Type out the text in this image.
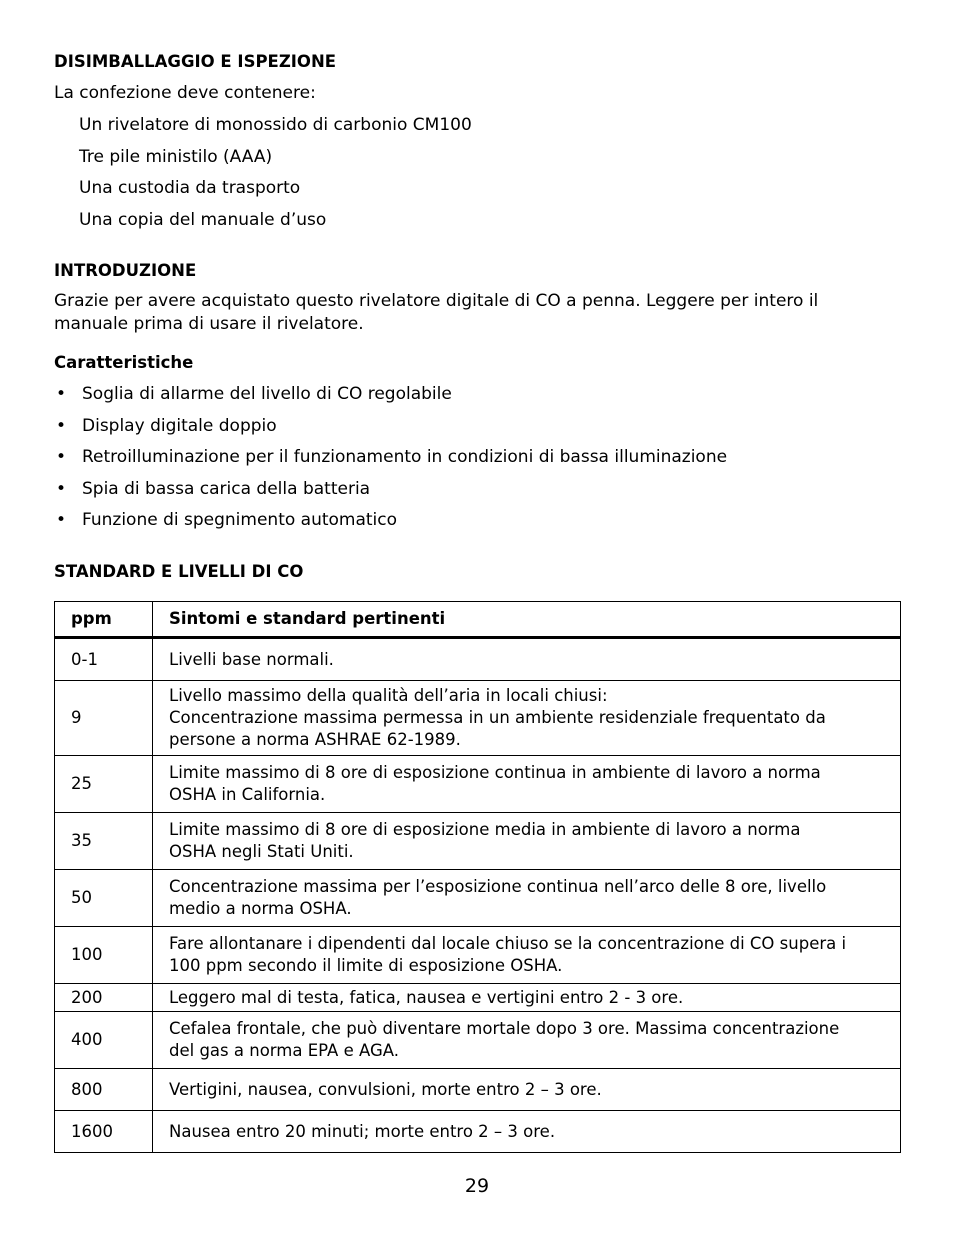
DISIMBALLAGGIO E ISPEZIONE
La confezione deve contenere:
Un rivelatore di monossido di carbonio CM100
Tre pile ministilo (AAA)
Una custodia da trasporto
Una copia del manuale d’uso
INTRODUZIONE
Grazie per avere acquistato questo rivelatore digitale di CO a penna. Leggere per intero il manuale prima di usare il rivelatore.
Caratteristiche
• Soglia di allarme del livello di CO regolabile
• Display digitale doppio
• Retroilluminazione per il funzionamento in condizioni di bassa illuminazione
• Spia di bassa carica della batteria
• Funzione di spegnimento automatico
STANDARD E LIVELLI DI CO
ppm	Sintomi e standard pertinenti
0-1	Livelli base normali.

9	Livello massimo della qualità dell’aria in locali chiusi:
Concentrazione massima permessa in un ambiente residenziale frequentato da
persone a norma ASHRAE 62-1989.

25	Limite massimo di 8 ore di esposizione continua in ambiente di lavoro a norma
OSHA in California.

35	Limite massimo di 8 ore di esposizione media in ambiente di lavoro a norma
OSHA negli Stati Uniti.

50	Concentrazione massima per l’esposizione continua nell’arco delle 8 ore, livello
medio a norma OSHA.

100	Fare allontanare i dipendenti dal locale chiuso se la concentrazione di CO supera i
100 ppm secondo il limite di esposizione OSHA.

200	Leggero mal di testa, fatica, nausea e vertigini entro 2 - 3 ore.

400	Cefalea frontale, che può diventare mortale dopo 3 ore. Massima concentrazione
del gas a norma EPA e AGA.

800	Vertigini, nausea, convulsioni, morte entro 2 – 3 ore.

1600	Nausea entro 20 minuti; morte entro 2 – 3 ore.
29
